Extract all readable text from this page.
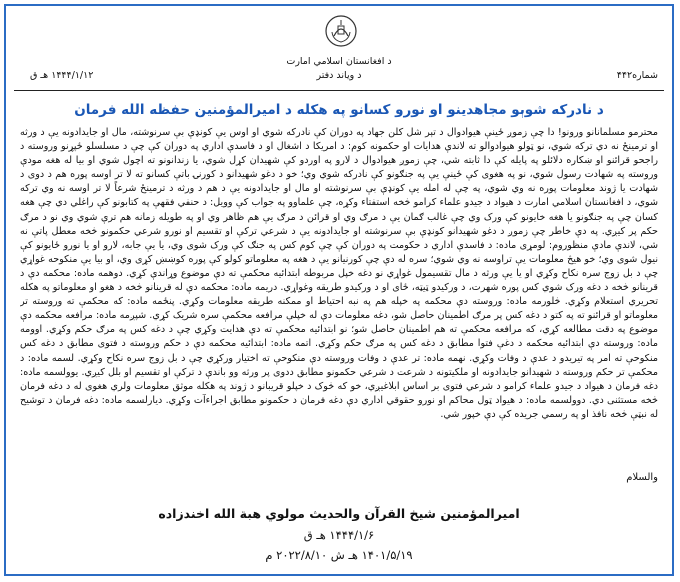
د افغانستان اسلامي امارت
د ویاند دفتر	شماره۴۴۲
۱۴۴۴/۱/۱۲ هـ ق
د نادرکه شوېو مجاهدینو او نورو کسانو په هکله د امیرالمؤمنین حفظه الله فرمان
محترمو مسلمانانو ورونو! دا چې زموږ ځینې هیوادوال د تېر شل کلن جهاد په دوران کې نادرکه شوي او اوس یې کونډې بې سرنوشته، مال او جایدادونه یې د ورثه او ترمینځ نه دي ترکه شوي، نو ټولو هیوادوالو ته لاندې هدایات او حکمونه کوم: د امریکا د اشغال او د فاسدې اداري په دوران کې چې د مسلسلو ځپړنو وروسته د راجحو قرائنو او ښکاره دلائلو په پایله کې دا ثابته شي، چې زموږ هیوادوال د لارو په اوردو کې شهیدان کړل شوي، یا زندانونو ته اچول شوي او بیا له هغه مودې وروسته په شهادت رسول شوي، نو په هغوی کې ځینې یې په جنګونو کې نادرکه شوي وي؛ خو د دغو شهیدانو د کورنۍ باتې کسانو ته لا تر اوسه پوره هم د دوی د شهادت یا ژوند معلومات پوره نه وي شوي، په چې له امله یې کونډې بې سرنوشته او مال او جایدادونه یې د هم د ورثه د ترمینځ شرعاً لا تر اوسه نه وي ترکه شوي، د افغانستان اسلامي امارت د هیواد د جیدو علماء کرامو څخه استفتاء وکړه، چې علماوو په جواب کې وویل: د حنفي فقهې په کتابونو کې راغلي دي چې هغه کسان چې په جنګونو یا هغه خایونو کې ورک وي چې غالب ګمان یې د مرګ وي او قرائن د مرګ یې هم ظاهر وي او په طویله زمانه هم ترې شوي وي نو د مرګ حکم پر کیږي. په دې خاطر چې زموږ د دغو شهیدانو کونډې بې سرنوشته او جایدادونه یې د شرعي ترکې او تقسیم او نورو شرعي حکمونو څخه معطل پاتې نه شي، لاندې مادې منظوروم: لومړی ماده: د فاسدې اداري د حکومت په دوران کې چې کوم کس په جنګ کې ورک شوی وي، یا یې جابه، لارو او یا نورو ځایونو کې نیول شوی وي؛ خو هیڅ معلومات یې تراوسه نه وي شوي؛ سره له دې چې کورنیانو یې د هغه په معلوماتو کولو کې پوره کوښښ کړی وي، او بیا یې منکوحه غواړي چې د بل زوج سره نکاح وکړي او یا یې ورثه د مال تقسیمول غواړي نو دغه خپل مربوطه ابتدائیه محکمې ته دې موضوع وړاندې کړي. دوهمه ماده: محکمه دې د قرینانو څخه د دغه ورک شوي کس پوره شهرت، د ورکیدو ټیټه، ځای او د ورکیدو طریقه وغواړي. دریمه ماده: محکمه دې له قرینانو څخه د هغو او معلوماتو په هکله تحریري استعلام وکړي. څلورمه ماده: وروسته دې محکمه په خپله هم په نبه احتیاط او ممکنه طریقه معلومات وکړي. پنځمه ماده: که محکمې ته وروسته تر معلوماتو او قرائنو ته په کتو د دغه کس پر مرګ اطمینان حاصل شو، دغه معلومات دې له خپلې مرافعه محکمې سره شریک کړي. شپږمه ماده: مرافعه محکمه دې موضوع په دقت مطالعه کړي، که مرافعه محکمې ته هم اطمینان حاصل شو؛ نو ابتدائیه محکمې ته دې هدایت وکړي چې د دغه کس په مرګ حکم وکړي. اوومه ماده: وروسته دې ابتدائیه محکمه د دغې فتوا مطابق د دغه کس په مرګ حکم وکړي. اتمه ماده: ابتدائیه محکمه دې د حکم وروسته د فتوی مطابق د دغه کس منکوحې ته امر په تیریدو د عدې د وفات وکړي. نهمه ماده: تر عدې د وفات وروسته دې منکوحې ته اختیار ورکړي چې د بل زوج سره نکاح وکړي. لسمه ماده: د محکمې تر حکم وروسته د شهیدانو جایدادونه او ملکیتونه د شرعت د شرعي حکمونو مطابق ددوی پر ورثه وو باندې د ترکې او تقسیم او بلل کیږي. یوولسمه ماده: دغه فرمان د هیواد د جیدو علماء کرامو د شرعي فتوی بر اساس ابلاغیږي، خو که څوک د خپلو قریبانو د ژوند په هکله موثق معلومات ولري هغوی له د دغه فرمان څخه مستثنی دي. دوولسمه ماده: د هیواد ټول محاکم او نورو حقوقي اداري دې دغه فرمان د حکمونو مطابق اجراءآت وکړي. دیارلسمه ماده: دغه فرمان د توشیح له نبټې څخه نافذ او په رسمي جریده کې دې خپور شي.
والسلام
امیرالمؤمنین شیخ القرآن والحدیث مولوي هبة الله اخندزاده
۱۴۴۴/۱/۶ هـ ق
۱۴۰۱/۵/۱۹ هـ ش ۲۰۲۲/۸/۱۰ م
